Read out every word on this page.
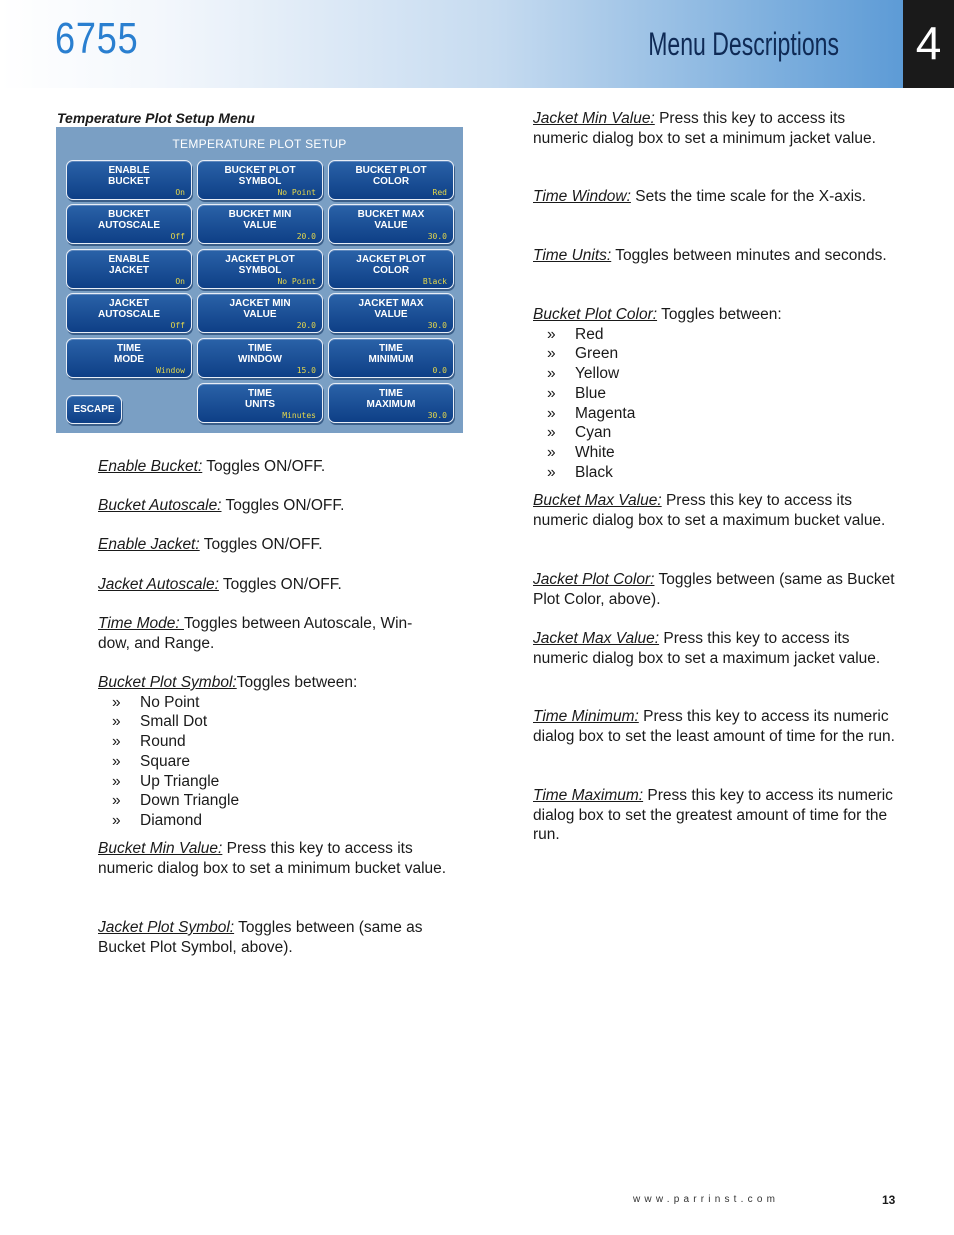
6755	Menu Descriptions 4
Temperature Plot Setup Menu
TEMPERATURE PLOT SETUP
ENABLE
BUCKET
On
BUCKET PLOT
SYMBOL
No Point
BUCKET PLOT
COLOR
Red
BUCKET
AUTOSCALE
Off
BUCKET MIN
VALUE
20.0
BUCKET MAX
VALUE
30.0
ENABLE
JACKET
On
JACKET PLOT
SYMBOL
No Point
JACKET PLOT
COLOR
Black
JACKET
AUTOSCALE
Off
JACKET MIN
VALUE
20.0
JACKET MAX
VALUE
30.0
TIME
MODE
Window
TIME
WINDOW
15.0
TIME
MINIMUM
0.0
ESCAPE
TIME
UNITS
Minutes
TIME
MAXIMUM
30.0
Enable Bucket: Toggles ON/OFF.
Bucket Autoscale: Toggles ON/OFF.
Enable Jacket: Toggles ON/OFF.
Jacket Autoscale: Toggles ON/OFF.
Time Mode: Toggles between Autoscale, Win-
dow, and Range.
Bucket Plot Symbol:Toggles between:
» No Point
» Small Dot
» Round
» Square
» Up Triangle
» Down Triangle
» Diamond
Bucket Min Value: Press this key to access its numeric dialog box to set a minimum bucket value.
Jacket Plot Symbol: Toggles between (same as Bucket Plot Symbol, above).
Jacket Min Value: Press this key to access its numeric dialog box to set a minimum jacket value.
Time Window: Sets the time scale for the X-axis.
Time Units: Toggles between minutes and seconds.
Bucket Plot Color: Toggles between:
» Red
» Green
» Yellow
» Blue
» Magenta
» Cyan
» White
» Black
Bucket Max Value: Press this key to access its numeric dialog box to set a maximum bucket value.
Jacket Plot Color: Toggles between (same as Bucket Plot Color, above).
Jacket Max Value: Press this key to access its numeric dialog box to set a maximum jacket value.
Time Minimum: Press this key to access its numeric dialog box to set the least amount of time for the run.
Time Maximum: Press this key to access its numeric dialog box to set the greatest amount of time for the run.
www.parrinst.com	13
